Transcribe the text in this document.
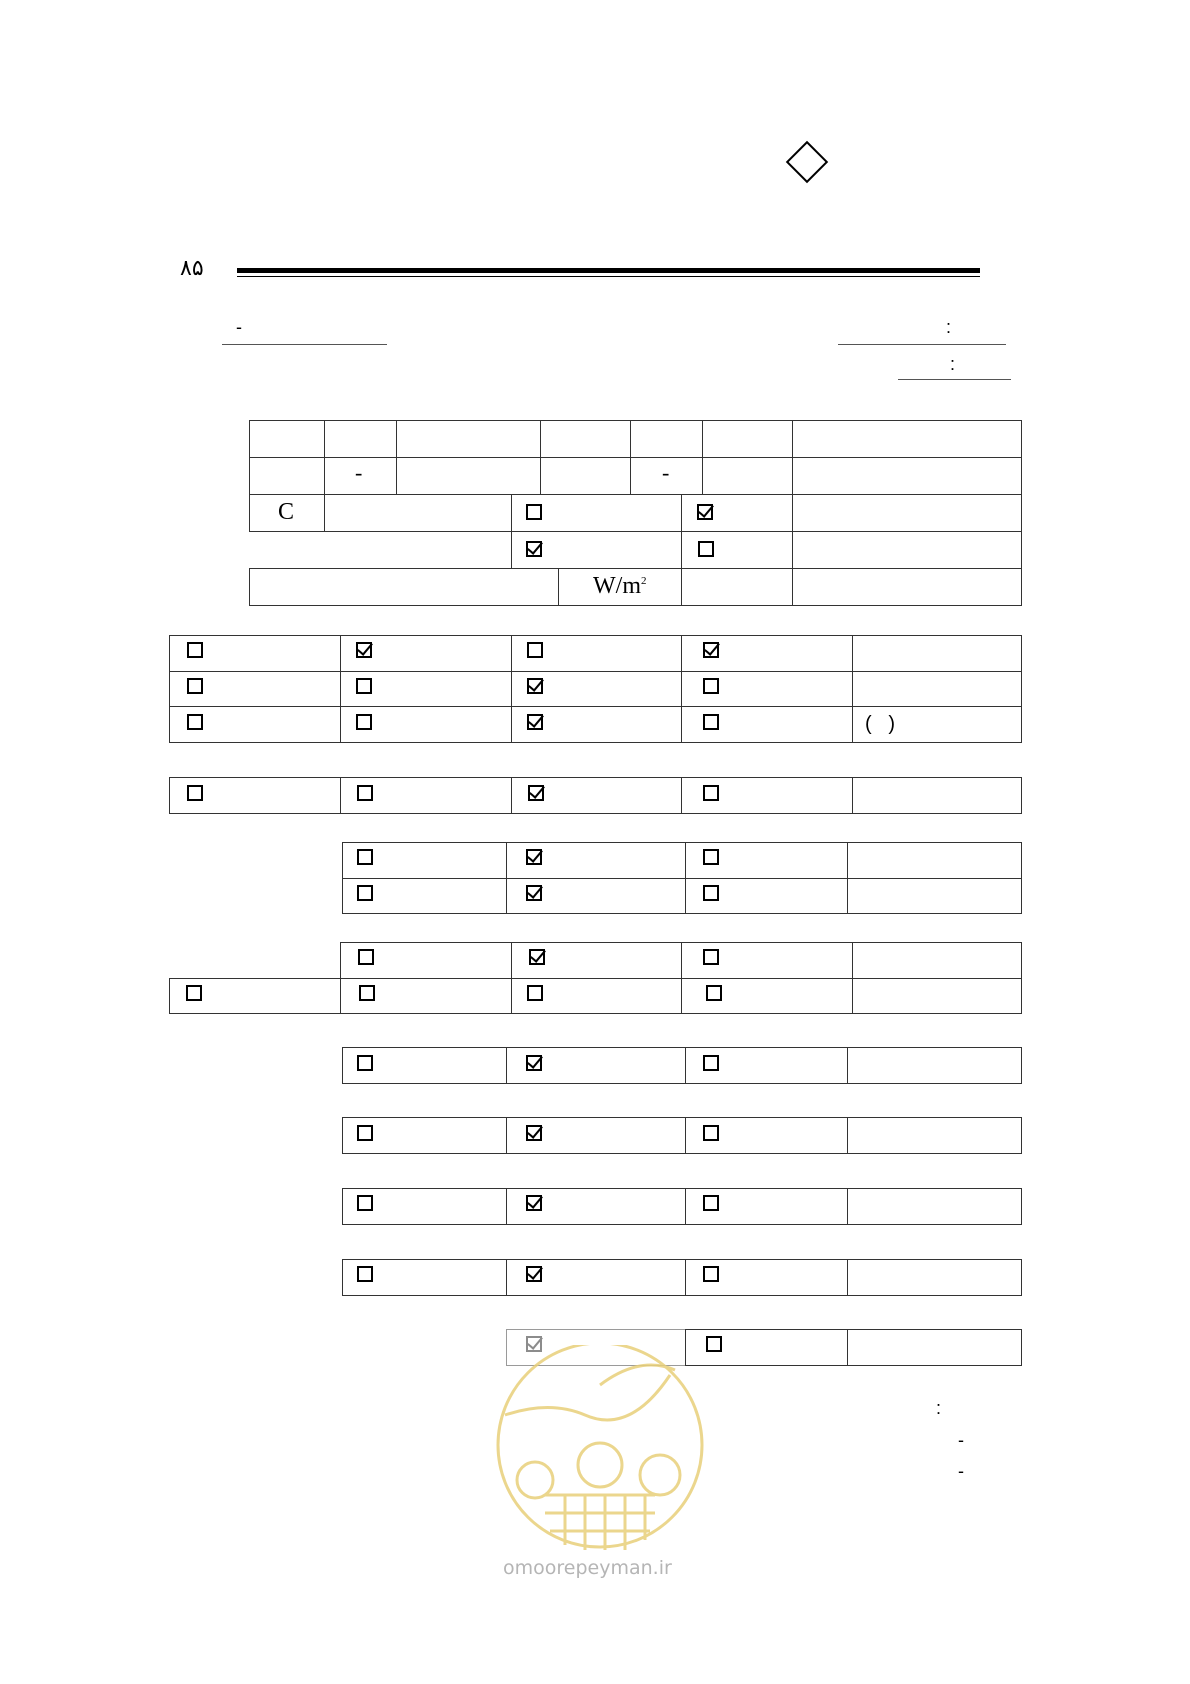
۸۵
-	:
:
-	-
C
$W/m^2$
(   )
:
-
-
omoorepeyman.ir
